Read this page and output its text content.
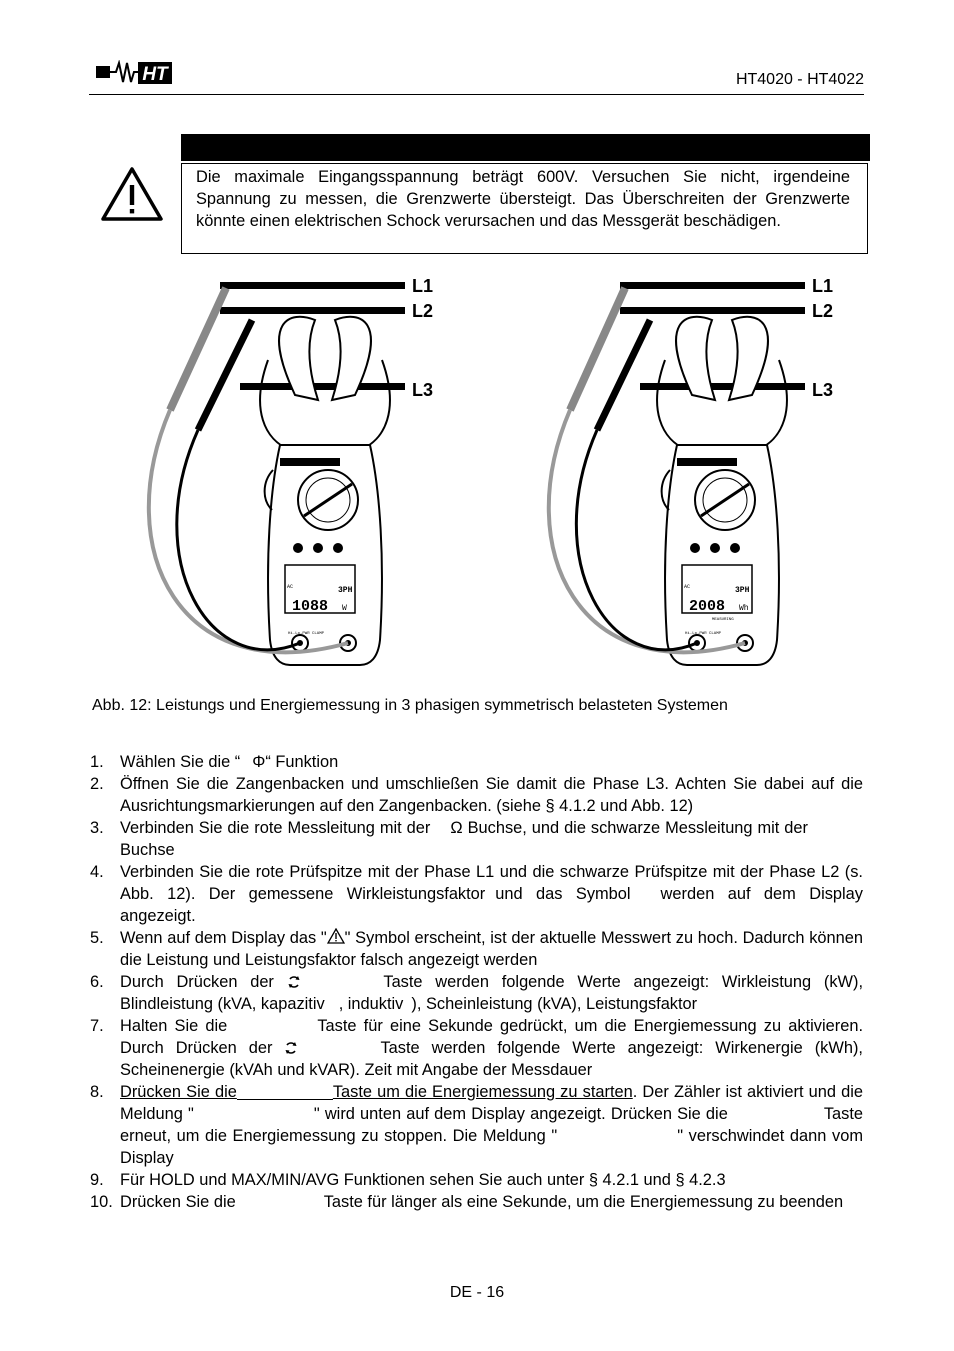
HT	HT4020 - HT4022
Die maximale Eingangsspannung beträgt 600V. Versuchen Sie nicht, irgendeine Spannung zu messen, die Grenzwerte übersteigt. Das Überschreiten der Grenzwerte könnte einen elektrischen Schock verursachen und das Messgerät beschädigen.
L1
L2
L3
AC	3PH
1088 W
HT4050
Hi-Lo-PWR CLAMP
L1
L2
L3
AC	3PH
2008 Wh
MEASURING
HT4050
Hi-Lo-PWR CLAMP
Abb. 12: Leistungs und Energiemessung in 3 phasigen symmetrisch belasteten Systemen
1. Wählen Sie die “ Φ“ Funktion
2. Öffnen Sie die Zangenbacken und umschließen Sie damit die Phase L3. Achten Sie dabei auf die Ausrichtungsmarkierungen auf den Zangenbacken. (siehe § 4.1.2 und Abb. 12)
3. Verbinden Sie die rote Messleitung mit der Ω Buchse, und die schwarze Messleitung mit derBuchse
4. Verbinden Sie die rote Prüfspitze mit der Phase L1 und die schwarze Prüfspitze mit der Phase L2 (s. Abb. 12). Der gemessene Wirkleistungsfaktor und das Symbol werden auf dem Display angezeigt.
5. Wenn auf dem Display das " " Symbol erscheint, ist der aktuelle Messwert zu hoch. Dadurch können die Leistung und Leistungsfaktor falsch angezeigt werden
6. Durch Drücken der	Taste werden folgende Werte angezeigt: Wirkleistung (kW), Blindleistung (kVA, kapazitiv , induktiv ), Scheinleistung (kVA), Leistungsfaktor
7. Halten Sie die	Taste für eine Sekunde gedrückt, um die Energiemessung zu aktivieren. Durch Drücken der	Taste werden folgende Werte angezeigt: Wirkenergie (kWh), Scheinenergie (kVAh und kVAR). Zeit mit Angabe der Messdauer
8. Drücken Sie die	Taste um die Energiemessung zu starten. Der Zähler ist aktiviert und die Meldung "	" wird unten auf dem Display angezeigt. Drücken Sie die	Taste erneut, um die Energiemessung zu stoppen. Die Meldung "	" verschwindet dann vom Display
9. Für HOLD und MAX/MIN/AVG Funktionen sehen Sie auch unter § 4.2.1 und § 4.2.3
10. Drücken Sie die	Taste für länger als eine Sekunde, um die Energiemessung zu beenden
DE - 16
